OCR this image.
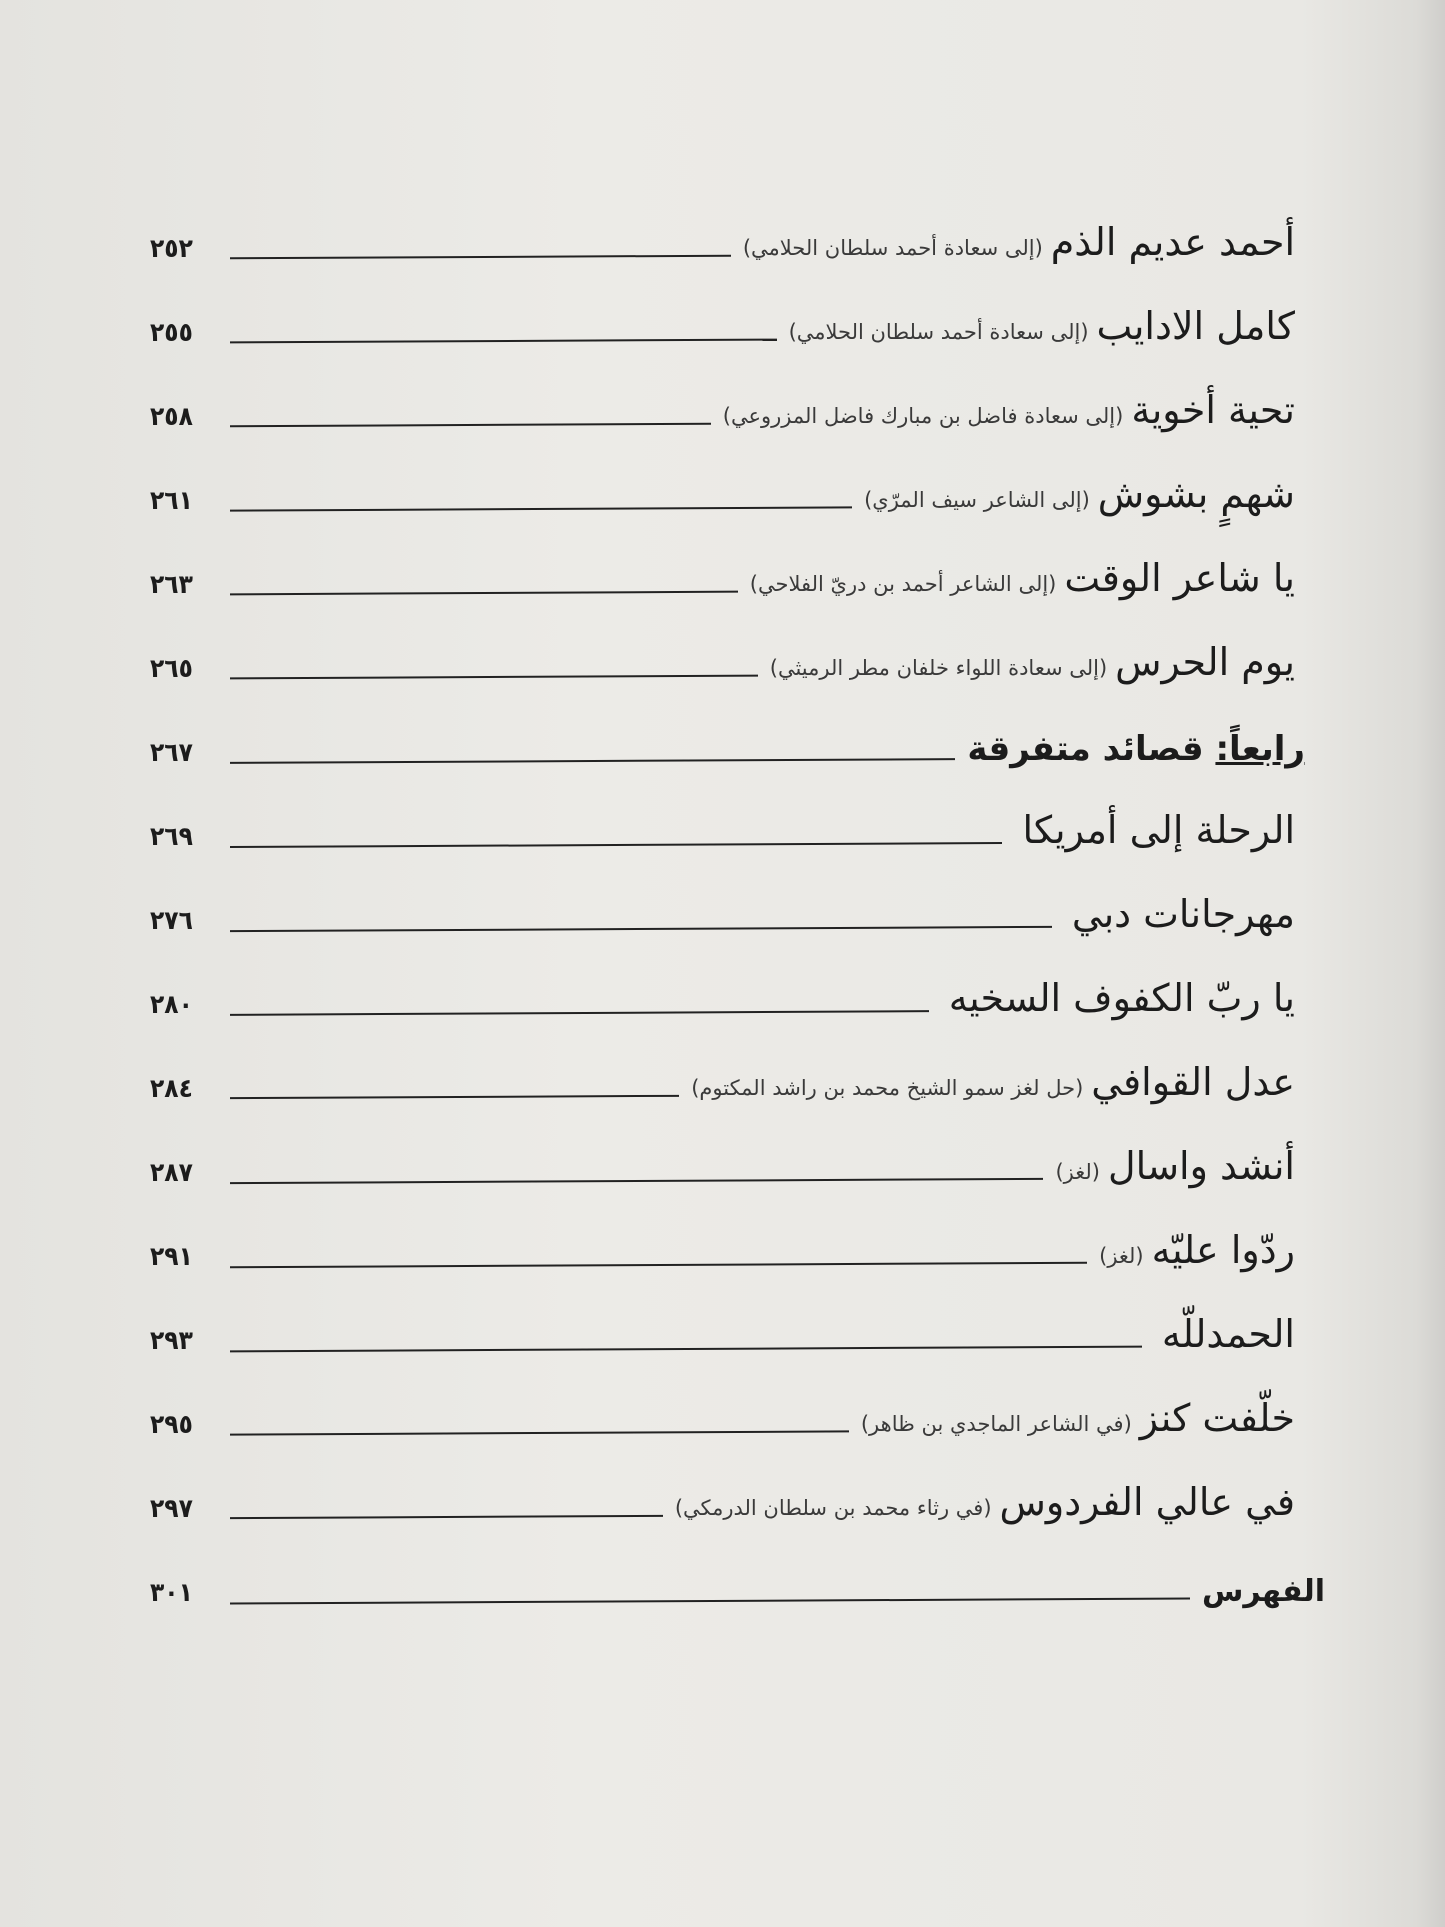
أحمد عديم الذم
(إلى سعادة أحمد سلطان الحلامي)
٢٥٢
كامل الادايب
(إلى سعادة أحمد سلطان الحلامي)
٢٥٥
تحية أخوية
(إلى سعادة فاضل بن مبارك فاضل المزروعي)
٢٥٨
شهمٍ بشوش
(إلى الشاعر سيف المرّي)
٢٦١
يا شاعر الوقت
(إلى الشاعر أحمد بن دريّ الفلاحي)
٢٦٣
يوم الحرس
(إلى سعادة اللواء خلفان مطر الرميثي)
٢٦٥
رابعاً: قصائد متفرقة
٢٦٧
الرحلة إلى أمريكا
٢٦٩
مهرجانات دبي
٢٧٦
يا ربّ الكفوف السخيه
٢٨٠
عدل القوافي
(حل لغز سمو الشيخ محمد بن راشد المكتوم)
٢٨٤
أنشد واسال
(لغز)
٢٨٧
ردّوا عليّه
(لغز)
٢٩١
الحمدللّه
٢٩٣
خلّفت كنز
(في الشاعر الماجدي بن ظاهر)
٢٩٥
في عالي الفردوس
(في رثاء محمد بن سلطان الدرمكي)
٢٩٧
الفهرس
٣٠١
